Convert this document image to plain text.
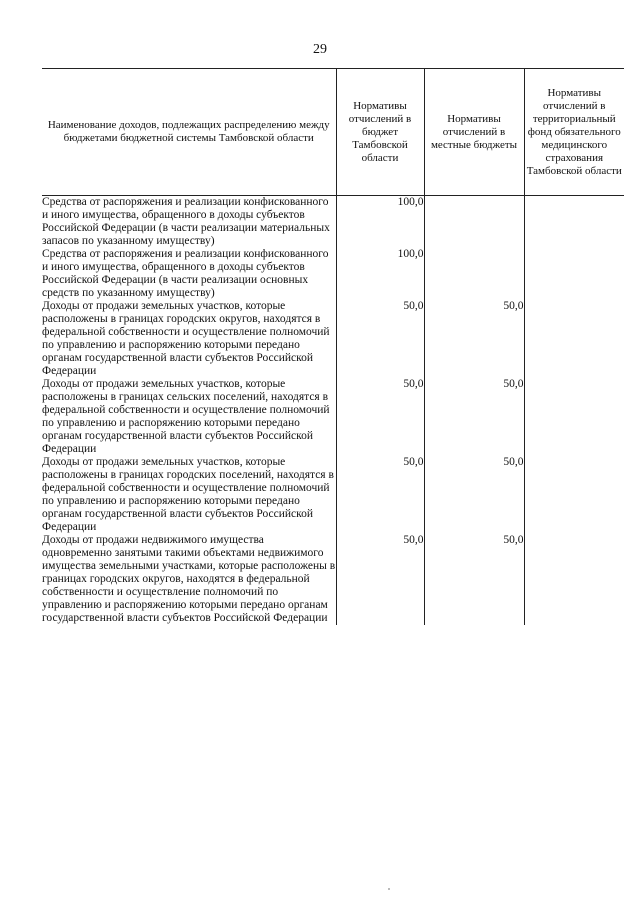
29
Наименование доходов, подлежащих распределению между бюджетами бюджетной системы Тамбовской области	Нормативы отчислений в бюджет Тамбовской области	Нормативы отчислений в местные бюджеты	Нормативы отчислений в территориальный фонд обязательного медицинского страхования Тамбовской области
Средства от распоряжения и реализации конфискованного и иного имущества, обращенного в доходы субъектов Российской Федерации (в части реализации материальных запасов по указанному имуществу)	100,0		
Средства от распоряжения и реализации конфискованного и иного имущества, обращенного в доходы субъектов Российской Федерации (в части реализации основных средств по указанному имуществу)	100,0		
Доходы от продажи земельных участков, которые расположены в границах городских округов, находятся в федеральной собственности и осуществление полномочий по управлению и распоряжению которыми передано органам государственной власти субъектов Российской Федерации	50,0	50,0	
Доходы от продажи земельных участков, которые расположены в границах сельских поселений, находятся в федеральной собственности и осуществление полномочий по управлению и распоряжению которыми передано органам государственной власти субъектов Российской Федерации	50,0	50,0	
Доходы от продажи земельных участков, которые расположены в границах городских поселений, находятся в федеральной собственности и осуществление полномочий по управлению и распоряжению которыми передано органам государственной власти субъектов Российской Федерации	50,0	50,0	
Доходы от продажи недвижимого имущества одновременно занятыми такими объектами недвижимого имущества земельными участками, которые расположены в границах городских округов, находятся в федеральной собственности и осуществление полномочий по управлению и распоряжению которыми передано органам государственной власти субъектов Российской Федерации	50,0	50,0	
